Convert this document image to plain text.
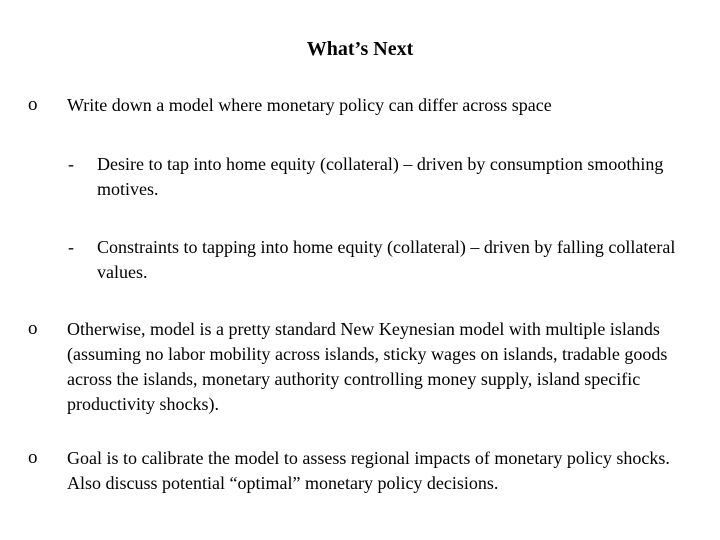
What’s Next
o Write down a model where monetary policy can differ across space
- Desire to tap into home equity (collateral) – driven by consumption smoothing motives.
- Constraints to tapping into home equity (collateral) – driven by falling collateral values.
o Otherwise, model is a pretty standard New Keynesian model with multiple islands (assuming no labor mobility across islands, sticky wages on islands, tradable goods across the islands, monetary authority controlling money supply, island specific productivity shocks).
o Goal is to calibrate the model to assess regional impacts of monetary policy shocks. Also discuss potential “optimal” monetary policy decisions.
